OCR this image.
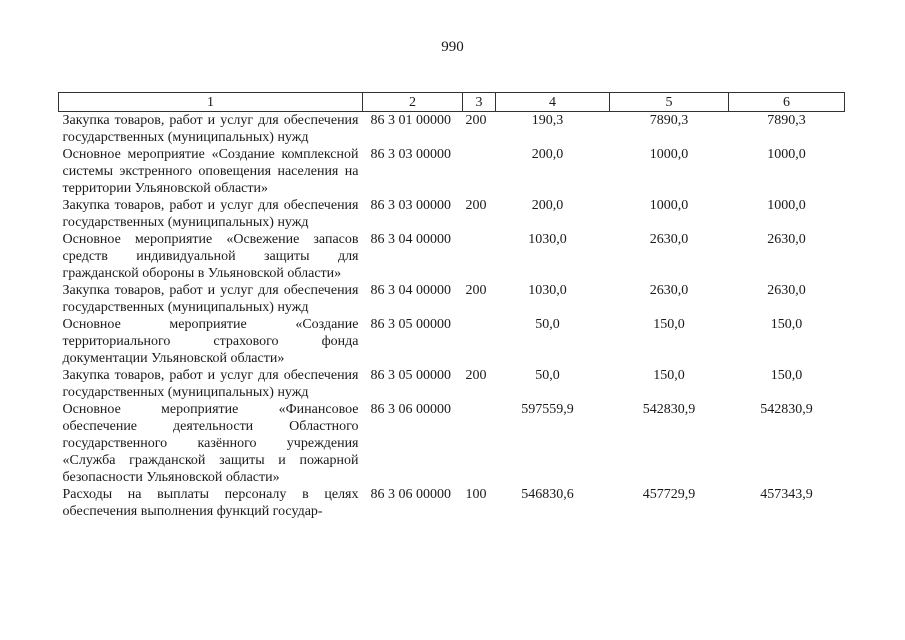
990
1	2	3	4	5	6
Закупка товаров, работ и услуг для обеспечения государственных (муниципальных) нужд	86 3 01 00000	200	190,3	7890,3	7890,3
Основное мероприятие «Создание комплексной системы экстренного оповещения населения на территории Ульяновской области»	86 3 03 00000		200,0	1000,0	1000,0
Закупка товаров, работ и услуг для обеспечения государственных (муниципальных) нужд	86 3 03 00000	200	200,0	1000,0	1000,0
Основное мероприятие «Освежение запасов средств индивидуальной защиты для гражданской обороны в Ульяновской области»	86 3 04 00000		1030,0	2630,0	2630,0
Закупка товаров, работ и услуг для обеспечения государственных (муниципальных) нужд	86 3 04 00000	200	1030,0	2630,0	2630,0
Основное мероприятие «Создание территориального страхового фонда документации Ульяновской области»	86 3 05 00000		50,0	150,0	150,0
Закупка товаров, работ и услуг для обеспечения государственных (муниципальных) нужд	86 3 05 00000	200	50,0	150,0	150,0
Основное мероприятие «Финансовое обеспечение деятельности Областного государственного казённого учреждения «Служба гражданской защиты и пожарной безопасности Ульяновской области»	86 3 06 00000		597559,9	542830,9	542830,9
Расходы на выплаты персоналу в целях обеспечения выполнения функций государ-	86 3 06 00000	100	546830,6	457729,9	457343,9
